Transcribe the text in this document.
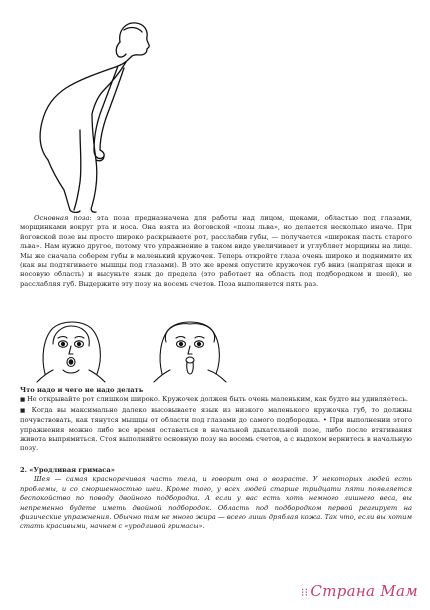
Основная поза: эта поза предназначена для работы над лицом, щеками, областью под глазами, морщинками вокруг рта и носа. Она взята из йоговской «позы льва», но делается несколько иначе. При йоговской позе вы просто широко раскрываете рот, расслабив губы, — получается «широкая пасть старого льва». Нам нужно другое, потому что упражнение в таком виде увеличивает и углубляет морщины на лице. Мы же сначала соберем губы в маленький кружочек. Теперь откройте глаза очень широко и поднимите их (как вы подтягиваете мышцы под глазами). В это же время опустите кружочек губ вниз (напрягая щеки и носовую область) и высуньте язык до предела (это работает на область под подбородком и шеей), не расслабляя губ. Выдержите эту позу на восемь счетов. Поза выполняется пять раз.

Что надо и чего не надо делать

■ Не открывайте рот слишком широко. Кружочек должен быть очень маленьким, как будто вы удивляетесь.

■ Когда вы максимально далеко высовываете язык из низкого маленького кружочка губ, то должны почувствовать, как тянутся мышцы от области под глазами до самого подбородка. • При выполнении этого упражнения можно либо все время оставаться в начальной дыхательной позе, либо после втягивания живота выпрямиться. Стоя выполняйте основную позу на восемь счетов, а с выдохом вернитесь в начальную позу.

2. «Уродливая гримаса»

Шея — самая красноречивая часть тела, и говорит она о возрасте. У некоторых людей есть проблемы, и со сморшенностью шеи. Кроме того, у всех людей старше тридцати пяти появляется беспокойство по поводу двойного подбородка. А если у вас есть хоть немного лишнего веса, вы непременно будете иметь двойной подбородок. Область под подбородком первой реагирует на физические упражнения. Обычно там не много жира — всего лишь дряблая кожа. Так что, если вы хотим стать красивыми, начнем с «уродливой гримасы».

⁝⁝ Страна Мам
